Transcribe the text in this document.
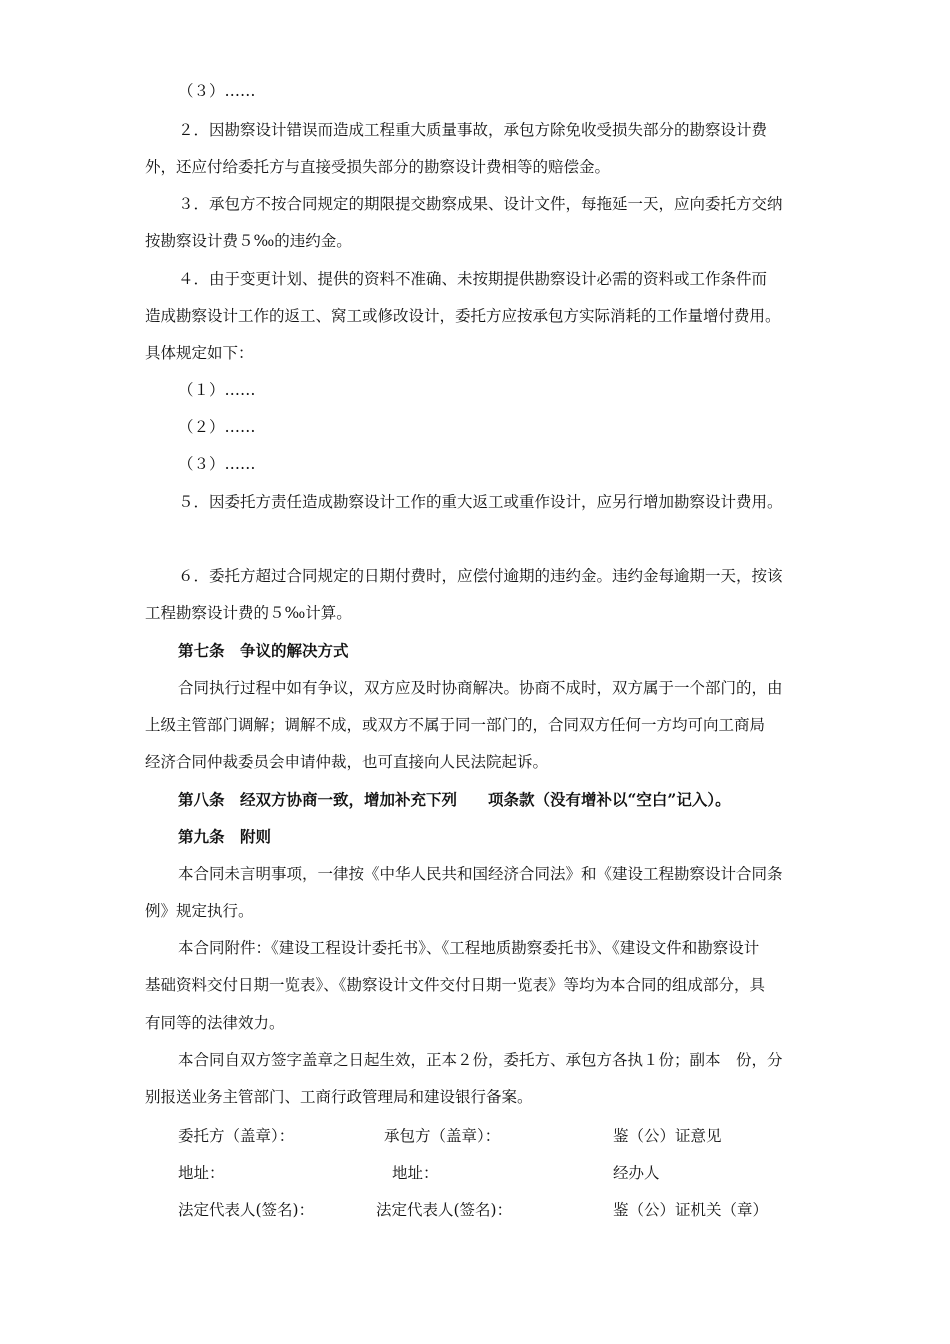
（３）……
２．因勘察设计错误而造成工程重大质量事故，承包方除免收受损失部分的勘察设计费
外，还应付给委托方与直接受损失部分的勘察设计费相等的赔偿金。
３．承包方不按合同规定的期限提交勘察成果、设计文件，每拖延一天，应向委托方交纳
按勘察设计费５‰的违约金。
４．由于变更计划、提供的资料不准确、未按期提供勘察设计必需的资料或工作条件而
造成勘察设计工作的返工、窝工或修改设计，委托方应按承包方实际消耗的工作量增付费用。
具体规定如下：
（１）……
（２）……
（３）……
５．因委托方责任造成勘察设计工作的重大返工或重作设计，应另行增加勘察设计费用。
６．委托方超过合同规定的日期付费时，应偿付逾期的违约金。违约金每逾期一天，按该
工程勘察设计费的５‰计算。
第七条　争议的解决方式
合同执行过程中如有争议，双方应及时协商解决。协商不成时，双方属于一个部门的，由
上级主管部门调解；调解不成，或双方不属于同一部门的，合同双方任何一方均可向工商局
经济合同仲裁委员会申请仲裁，也可直接向人民法院起诉。
第八条　经双方协商一致，增加补充下列　　项条款（没有增补以“空白”记入）。
第九条　附则
本合同未言明事项，一律按《中华人民共和国经济合同法》和《建设工程勘察设计合同条
例》规定执行。
本合同附件：《建设工程设计委托书》、《工程地质勘察委托书》、《建设文件和勘察设计
基础资料交付日期一览表》、《勘察设计文件交付日期一览表》等均为本合同的组成部分，具
有同等的法律效力。
本合同自双方签字盖章之日起生效，正本２份，委托方、承包方各执１份；副本　份，分
别报送业务主管部门、工商行政管理局和建设银行备案。
委托方（盖章）：	承包方（盖章）：	鉴（公）证意见
地址：	地址：	经办人
法定代表人(签名)：	法定代表人(签名)：	鉴（公）证机关（章）
